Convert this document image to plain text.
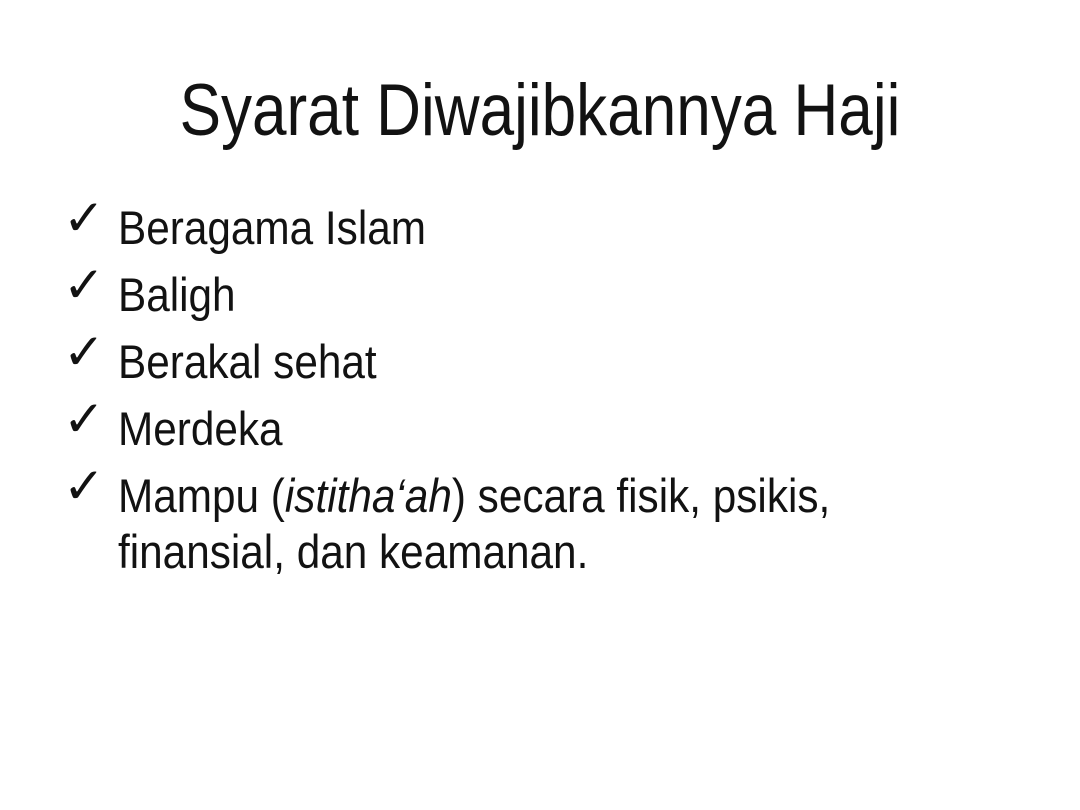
Syarat Diwajibkannya Haji
✓ Beragama Islam
✓ Baligh
✓ Berakal sehat
✓ Merdeka
✓ Mampu (istitha‘ah) secara fisik, psikis,
finansial, dan keamanan.
